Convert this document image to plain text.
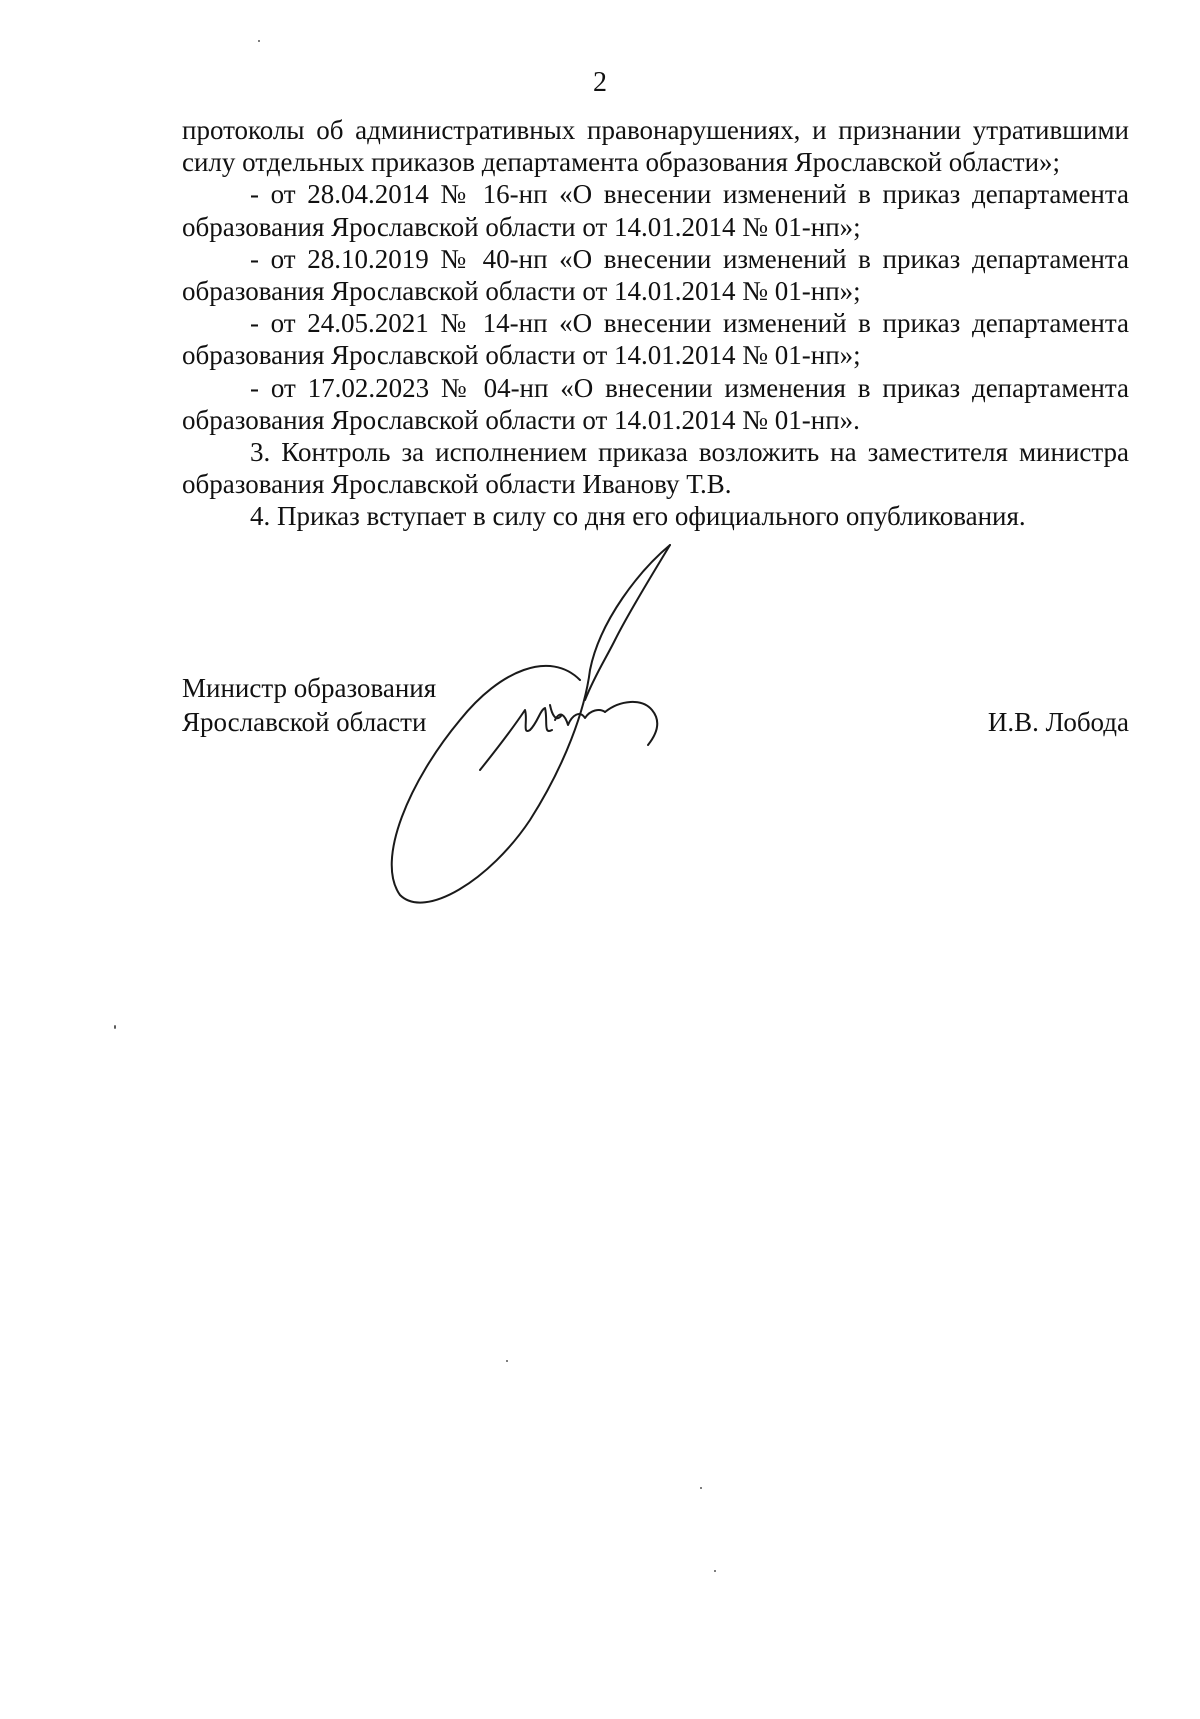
2

протоколы об административных правонарушениях, и признании утратившими силу отдельных приказов департамента образования Ярославской области»;

- от 28.04.2014 № 16-нп «О внесении изменений в приказ департамента образования Ярославской области от 14.01.2014 № 01-нп»;

- от 28.10.2019 № 40-нп «О внесении изменений в приказ департамента образования Ярославской области от 14.01.2014 № 01-нп»;

- от 24.05.2021 № 14-нп «О внесении изменений в приказ департамента образования Ярославской области от 14.01.2014 № 01-нп»;

- от 17.02.2023 № 04-нп «О внесении изменения в приказ департамента образования Ярославской области от 14.01.2014 № 01-нп».

3. Контроль за исполнением приказа возложить на заместителя министра образования Ярославской области Иванову Т.В.

4. Приказ вступает в силу со дня его официального опубликования.

Министр образования
Ярославской области	И.В. Лобода
